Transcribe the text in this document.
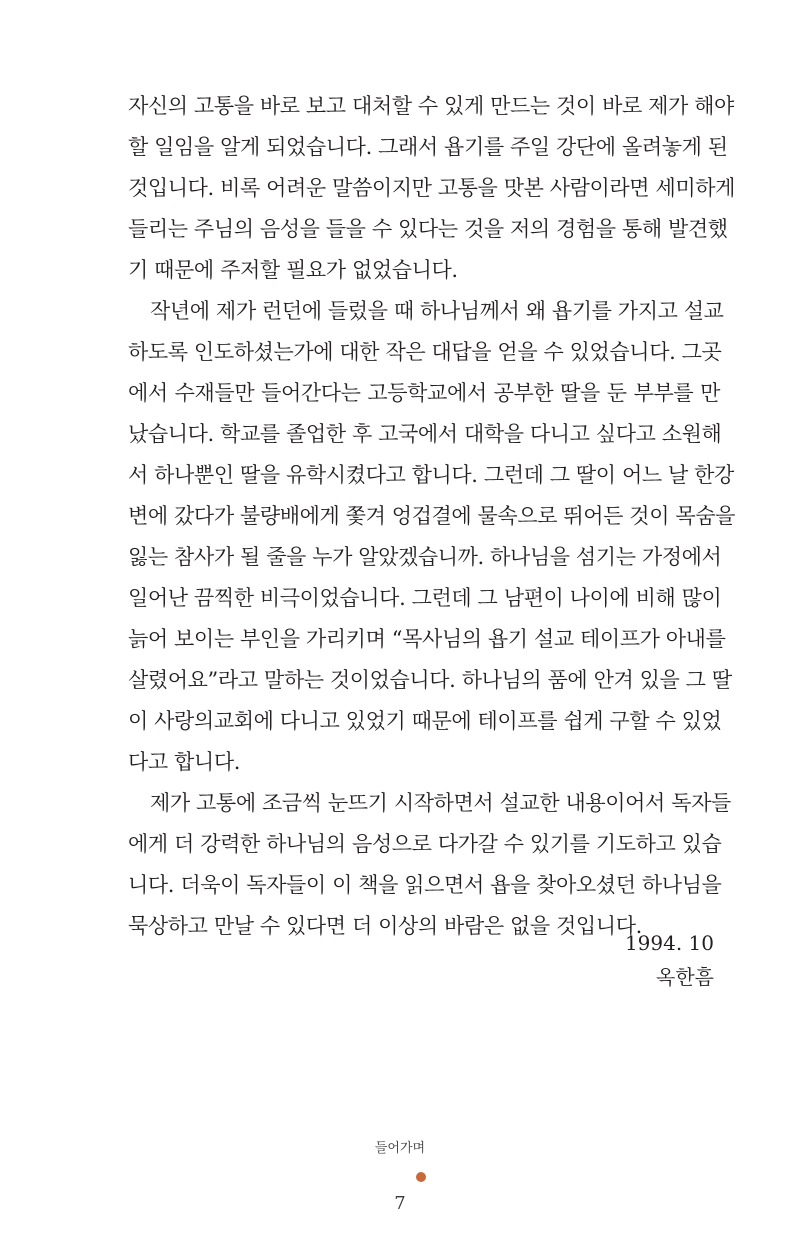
자신의 고통을 바로 보고 대처할 수 있게 만드는 것이 바로 제가 해야
할 일임을 알게 되었습니다. 그래서 욥기를 주일 강단에 올려놓게 된
것입니다. 비록 어려운 말씀이지만 고통을 맛본 사람이라면 세미하게
들리는 주님의 음성을 들을 수 있다는 것을 저의 경험을 통해 발견했
기 때문에 주저할 필요가 없었습니다.
작년에 제가 런던에 들렀을 때 하나님께서 왜 욥기를 가지고 설교
하도록 인도하셨는가에 대한 작은 대답을 얻을 수 있었습니다. 그곳
에서 수재들만 들어간다는 고등학교에서 공부한 딸을 둔 부부를 만
났습니다. 학교를 졸업한 후 고국에서 대학을 다니고 싶다고 소원해
서 하나뿐인 딸을 유학시켰다고 합니다. 그런데 그 딸이 어느 날 한강
변에 갔다가 불량배에게 쫓겨 엉겁결에 물속으로 뛰어든 것이 목숨을
잃는 참사가 될 줄을 누가 알았겠습니까. 하나님을 섬기는 가정에서
일어난 끔찍한 비극이었습니다. 그런데 그 남편이 나이에 비해 많이
늙어 보이는 부인을 가리키며 “목사님의 욥기 설교 테이프가 아내를
살렸어요”라고 말하는 것이었습니다. 하나님의 품에 안겨 있을 그 딸
이 사랑의교회에 다니고 있었기 때문에 테이프를 쉽게 구할 수 있었
다고 합니다.
제가 고통에 조금씩 눈뜨기 시작하면서 설교한 내용이어서 독자들
에게 더 강력한 하나님의 음성으로 다가갈 수 있기를 기도하고 있습
니다. 더욱이 독자들이 이 책을 읽으면서 욥을 찾아오셨던 하나님을
묵상하고 만날 수 있다면 더 이상의 바람은 없을 것입니다.
1994. 10
옥한흠
들어가며
7
